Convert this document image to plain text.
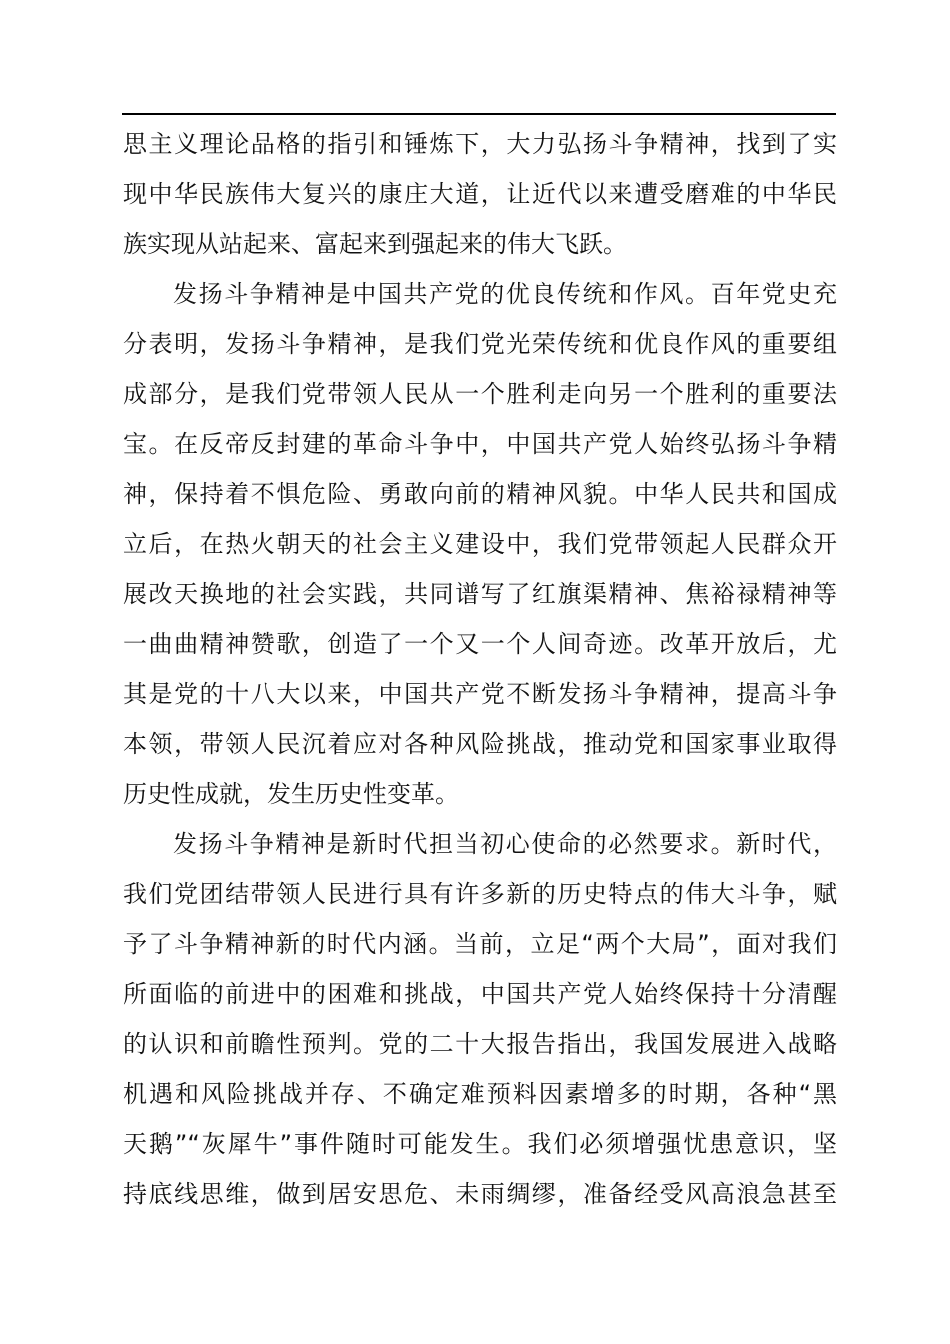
思主义理论品格的指引和锤炼下，大力弘扬斗争精神，找到了实
现中华民族伟大复兴的康庄大道，让近代以来遭受磨难的中华民
族实现从站起来、富起来到强起来的伟大飞跃。
发扬斗争精神是中国共产党的优良传统和作风。百年党史充
分表明，发扬斗争精神，是我们党光荣传统和优良作风的重要组
成部分，是我们党带领人民从一个胜利走向另一个胜利的重要法
宝。在反帝反封建的革命斗争中，中国共产党人始终弘扬斗争精
神，保持着不惧危险、勇敢向前的精神风貌。中华人民共和国成
立后，在热火朝天的社会主义建设中，我们党带领起人民群众开
展改天换地的社会实践，共同谱写了红旗渠精神、焦裕禄精神等
一曲曲精神赞歌，创造了一个又一个人间奇迹。改革开放后，尤
其是党的十八大以来，中国共产党不断发扬斗争精神，提高斗争
本领，带领人民沉着应对各种风险挑战，推动党和国家事业取得
历史性成就，发生历史性变革。
发扬斗争精神是新时代担当初心使命的必然要求。新时代，
我们党团结带领人民进行具有许多新的历史特点的伟大斗争，赋
予了斗争精神新的时代内涵。当前，立足“两个大局”，面对我们
所面临的前进中的困难和挑战，中国共产党人始终保持十分清醒
的认识和前瞻性预判。党的二十大报告指出，我国发展进入战略
机遇和风险挑战并存、不确定难预料因素增多的时期，各种“黑
天鹅”“灰犀牛”事件随时可能发生。我们必须增强忧患意识，坚
持底线思维，做到居安思危、未雨绸缪，准备经受风高浪急甚至
